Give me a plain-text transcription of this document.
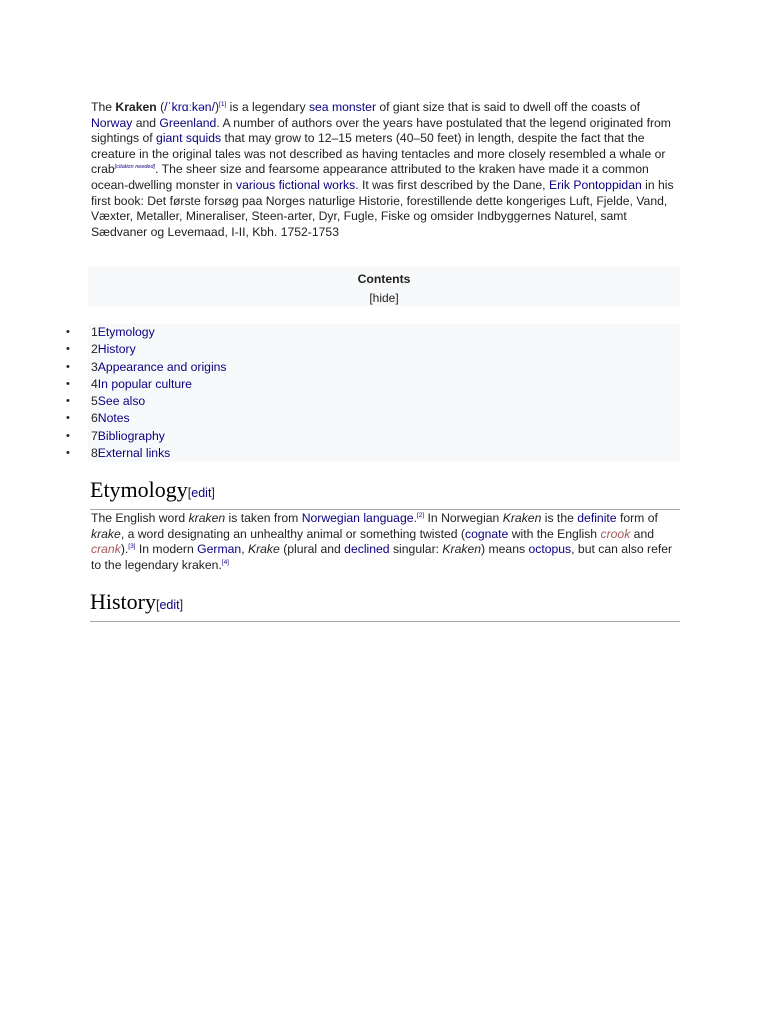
The Kraken (/ˈkrɑːkən/)[1] is a legendary sea monster of giant size that is said to dwell off the coasts of Norway and Greenland. A number of authors over the years have postulated that the legend originated from sightings of giant squids that may grow to 12–15 meters (40–50 feet) in length, despite the fact that the creature in the original tales was not described as having tentacles and more closely resembled a whale or crab[citation needed]. The sheer size and fearsome appearance attributed to the kraken have made it a common ocean-dwelling monster in various fictional works. It was first described by the Dane, Erik Pontoppidan in his first book: Det første forsøg paa Norges naturlige Historie, forestillende dette kongeriges Luft, Fjelde, Vand, Væxter, Metaller, Mineraliser, Steen-arter, Dyr, Fugle, Fiske og omsider Indbyggernes Naturel, samt Sædvaner og Levemaad, I-II, Kbh. 1752-1753
Contents
[hide]
• 1Etymology
• 2History
• 3Appearance and origins
• 4In popular culture
• 5See also
• 6Notes
• 7Bibliography
• 8External links
Etymology[edit]
The English word kraken is taken from Norwegian language.[2] In Norwegian Kraken is the definite form of krake, a word designating an unhealthy animal or something twisted (cognate with the English crook and crank).[3] In modern German, Krake (plural and declined singular: Kraken) means octopus, but can also refer to the legendary kraken.[4]
History[edit]
